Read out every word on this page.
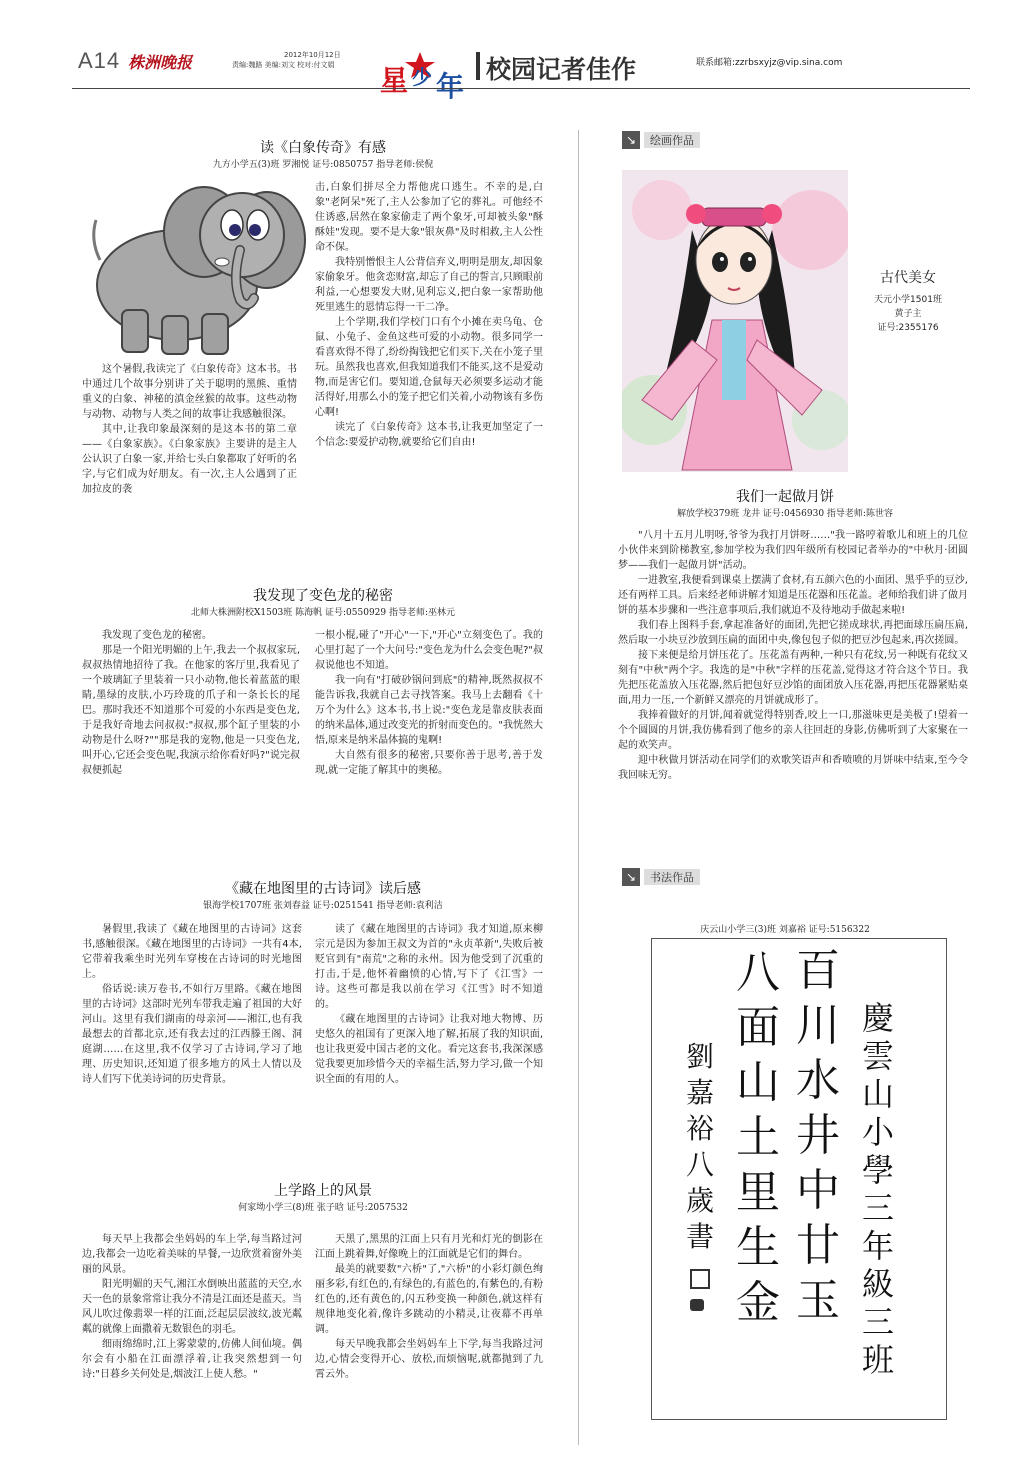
A14 株洲晚报	2012年10月12日
责编:魏路 美编:刘文 校对:付文娟 星 少 年
校园记者佳作	联系邮箱:zzrbsxyjz@vip.sina.com
读《白象传奇》有感
九方小学五(3)班 罗湘悦 证号:0850757 指导老师:侯倪

这个暑假,我读完了《白象传奇》这本书。书中通过几个故事分别讲了关于聪明的黑熊、重情重义的白象、神秘的滇金丝猴的故事。这些动物与动物、动物与人类之间的故事让我感触很深。

其中,让我印象最深刻的是这本书的第二章——《白象家族》。《白象家族》主要讲的是主人公认识了白象一家,并给七头白象都取了好听的名字,与它们成为好朋友。有一次,主人公遇到了正加拉皮的袭

击,白象们拼尽全力帮他虎口逃生。不幸的是,白象"老阿呆"死了,主人公参加了它的葬礼。可他经不住诱惑,居然在象家偷走了两个象牙,可却被头象"酥酥娃"发现。要不是大象"银灰鼻"及时相救,主人公性命不保。

我特别憎恨主人公背信弃义,明明是朋友,却因象家偷象牙。他贪恋财富,却忘了自己的誓言,只顾眼前利益,一心想要发大财,见利忘义,把白象一家帮助他死里逃生的恩情忘得一干二净。

上个学期,我们学校门口有个小摊在卖乌龟、仓鼠、小兔子、金鱼这些可爱的小动物。很多同学一看喜欢得不得了,纷纷掏钱把它们买下,关在小笼子里玩。虽然我也喜欢,但我知道我们不能买,这不是爱动物,而是害它们。要知道,仓鼠每天必须要多运动才能活得好,用那么小的笼子把它们关着,小动物该有多伤心啊!

读完了《白象传奇》这本书,让我更加坚定了一个信念:要爱护动物,就要给它们自由!

我发现了变色龙的秘密
北师大株洲附校X1503班 陈海帆 证号:0550929 指导老师:巫林元

我发现了变色龙的秘密。

那是一个阳光明媚的上午,我去一个叔叔家玩,叔叔热情地招待了我。在他家的客厅里,我看见了一个玻璃缸子里装着一只小动物,他长着蓝蓝的眼睛,墨绿的皮肤,小巧玲珑的爪子和一条长长的尾巴。那时我还不知道那个可爱的小东西是变色龙,于是我好奇地去问叔叔:"叔叔,那个缸子里装的小动物是什么呀?""那是我的宠物,他是一只变色龙,叫开心,它还会变色呢,我演示给你看好吗?"说完叔叔便抓起

一根小棍,碰了"开心"一下,"开心"立刻变色了。我的心里打起了一个大问号:"变色龙为什么会变色呢?"叔叔说他也不知道。

我一向有"打破砂锅问到底"的精神,既然叔叔不能告诉我,我就自己去寻找答案。我马上去翻看《十万个为什么》这本书,书上说:"变色龙是靠皮肤表面的纳米晶体,通过改变光的折射而变色的。"我恍然大悟,原来是纳米晶体搞的鬼啊!

大自然有很多的秘密,只要你善于思考,善于发现,就一定能了解其中的奥秘。

《藏在地图里的古诗词》读后感
银海学校1707班 张刘春益 证号:0251541 指导老师:袁利洁

暑假里,我读了《藏在地图里的古诗词》这套书,感触很深。《藏在地图里的古诗词》一共有4本,它带着我乘坐时光列车穿梭在古诗词的时光地图上。

俗话说:读万卷书,不如行万里路。《藏在地图里的古诗词》这部时光列车带我走遍了祖国的大好河山。这里有我们湖南的母亲河——湘江,也有我最想去的首都北京,还有我去过的江西滕王阁、洞庭湖……在这里,我不仅学习了古诗词,学习了地理、历史知识,还知道了很多地方的风土人情以及诗人们写下优美诗词的历史背景。

读了《藏在地图里的古诗词》我才知道,原来柳宗元是因为参加王叔文为首的"永贞革新",失败后被贬官到有"南荒"之称的永州。因为他受到了沉重的打击,于是,他怀着幽愤的心情,写下了《江雪》一诗。这些可都是我以前在学习《江雪》时不知道的。

《藏在地图里的古诗词》让我对地大物博、历史悠久的祖国有了更深入地了解,拓展了我的知识面,也让我更爱中国古老的文化。看完这套书,我深深感觉我要更加珍惜今天的幸福生活,努力学习,做一个知识全面的有用的人。

上学路上的风景
何家坳小学三(8)班 张子晗 证号:2057532

每天早上我都会坐妈妈的车上学,每当路过河边,我都会一边吃着美味的早餐,一边欣赏着窗外美丽的风景。

阳光明媚的天气,湘江水倒映出蓝蓝的天空,水天一色的景象常常让我分不清是江面还是蓝天。当风儿吹过像翡翠一样的江面,泛起层层波纹,波光粼粼的就像上面撒着无数银色的羽毛。

细雨绵绵时,江上雾蒙蒙的,仿佛人间仙境。偶尔会有小船在江面漂浮着,让我突然想到一句诗:"日暮乡关何处是,烟波江上使人愁。"

天黑了,黑黑的江面上只有月光和灯光的倒影在江面上跳着舞,好像晚上的江面就是它们的舞台。

最美的就要数"六桥"了,"六桥"的小彩灯颜色绚丽多彩,有红色的,有绿色的,有蓝色的,有紫色的,有粉红色的,还有黄色的,闪五秒变换一种颜色,就这样有规律地变化着,像许多跳动的小精灵,让夜幕不再单调。

每天早晚我都会坐妈妈车上下学,每当我路过河边,心情会变得开心、放松,而烦恼呢,就都抛到了九霄云外。

↘	绘画作品
古代美女
天元小学1501班
黄子主
证号:2355176
我们一起做月饼
解放学校379班 龙井 证号:0456930 指导老师:陈世容

"八月十五月儿明呀,爷爷为我打月饼呀……"我一路哼着歌儿和班上的几位小伙伴来到阶梯教室,参加学校为我们四年级所有校园记者举办的"中秋月·团圆梦——我们一起做月饼"活动。

一进教室,我便看到课桌上摆满了食材,有五颜六色的小面团、黑乎乎的豆沙,还有两样工具。后来经老师讲解才知道是压花器和压花盖。老师给我们讲了做月饼的基本步骤和一些注意事项后,我们就迫不及待地动手做起来啦!

我们春上图料手套,拿起准备好的面团,先把它搓成球状,再把面球压扁压扁,然后取一小块豆沙放到压扁的面团中央,像包包子似的把豆沙包起来,再次搓圆。

接下来便是给月饼压花了。压花盖有两种,一种只有花纹,另一种既有花纹又刻有"中秋"两个字。我选的是"中秋"字样的压花盖,觉得这才符合这个节日。我先把压花盖放入压花器,然后把包好豆沙馅的面团放入压花器,再把压花器紧贴桌面,用力一压,一个新鲜又漂亮的月饼就成形了。

我捧着做好的月饼,闻着就觉得特别香,咬上一口,那滋味更是美极了!望着一个个圆圆的月饼,我仿佛看到了他乡的亲人往回赶的身影,仿佛听到了大家聚在一起的欢笑声。

迎中秋做月饼活动在同学们的欢歌笑语声和香喷喷的月饼味中结束,至今令我回味无穷。

↘	书法作品
庆云山小学三(3)班 刘嘉裕 证号:5156322
百川水井中廿玉
八面山土里生金
慶雲山小學三年級三班
劉嘉裕八歲書
